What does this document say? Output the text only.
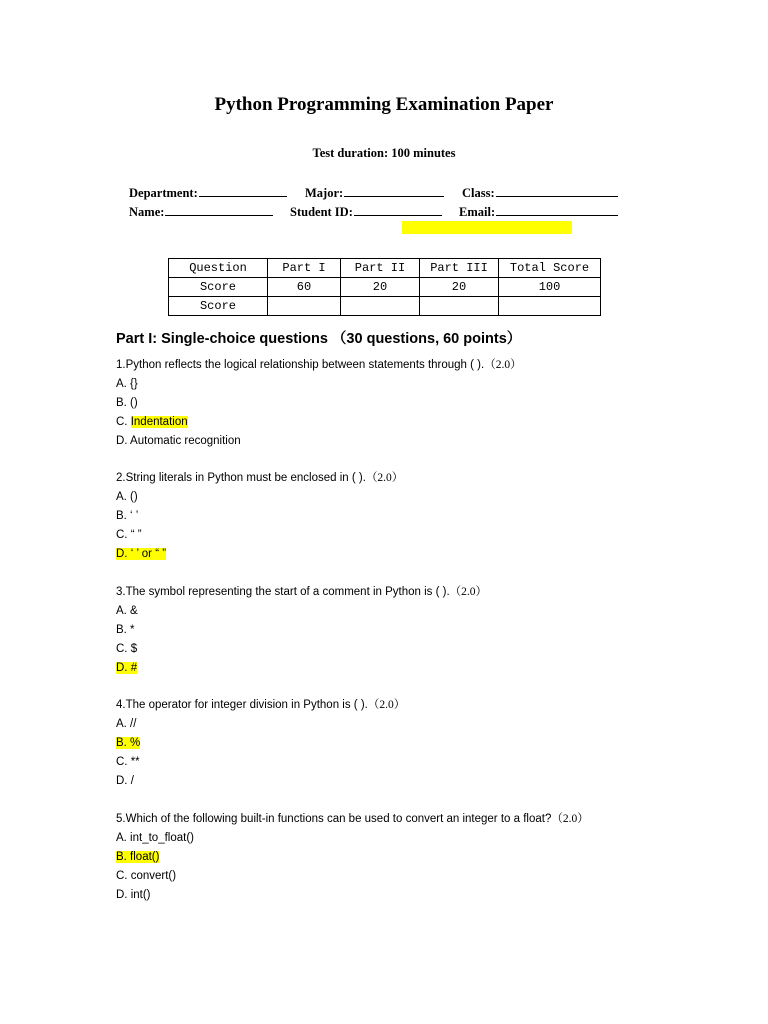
Python Programming Examination Paper
Test duration: 100 minutes
Department:	Major:	Class:
Name:	Student ID:	Email:
Question	Part I	Part II	Part III	Total Score
Score	60	20	20	100
Score				
Part I: Single-choice questions （30 questions, 60 points）
1.Python reflects the logical relationship between statements through ( ).（2.0）
A. {}
B. ()
C. Indentation
D. Automatic recognition
2.String literals in Python must be enclosed in ( ).（2.0）
A. ()
B. ‘ ’
C. “ ”
D. ‘ ’ or “ ”
3.The symbol representing the start of a comment in Python is ( ).（2.0）
A. &
B. *
C. $
D. #
4.The operator for integer division in Python is ( ).（2.0）
A. //
B. %
C. **
D. /
5.Which of the following built-in functions can be used to convert an integer to a float?（2.0）
A. int_to_float()
B. float()
C. convert()
D. int()
